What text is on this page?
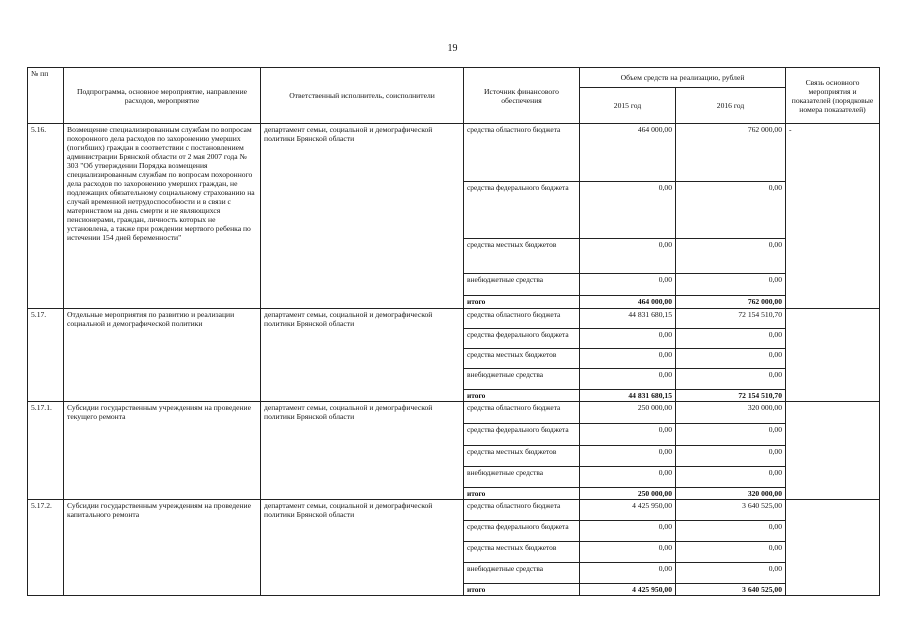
19
№ пп	Подпрограмма, основное мероприятие, направление расходов, мероприятие	Ответственный исполнитель, соисполнители	Источник финансового обеспечения	Объем средств на реализацию, рублей		Связь основного мероприятия и показателей (порядковые номера показателей)
				2015 год	2016 год	
5.16.	Возмещение специализированным службам по вопросам похоронного дела расходов по захоронению умерших (погибших) граждан в соответствии с постановлением администрации Брянской области от 2 мая 2007 года № 303 "Об утверждении Порядка возмещения специализированным службам по вопросам похоронного дела расходов по захоронению умерших граждан, не подлежащих обязательному социальному страхованию на случай временной нетрудоспособности и в связи с материнством на день смерти и не являющихся пенсионерами, граждан, личность которых не установлена, а также при рождении мертвого ребенка по истечении 154 дней беременности"	департамент семьи, социальной и демографической политики Брянской области	средства областного бюджета	464 000,00	762 000,00	-
			средства федерального бюджета	0,00	0,00	
			средства местных бюджетов	0,00	0,00	
			внебюджетные средства	0,00	0,00	
			итого	464 000,00	762 000,00	
5.17.	Отдельные мероприятия по развитию и реализации социальной и демографической политики	департамент семьи, социальной и демографической политики Брянской области	средства областного бюджета	44 831 680,15	72 154 510,70	
			средства федерального бюджета	0,00	0,00	
			средства местных бюджетов	0,00	0,00	
			внебюджетные средства	0,00	0,00	
			итого	44 831 680,15	72 154 510,70	
5.17.1.	Субсидии государственным учреждениям на проведение текущего ремонта	департамент семьи, социальной и демографической политики Брянской области	средства областного бюджета	250 000,00	320 000,00	
			средства федерального бюджета	0,00	0,00	
			средства местных бюджетов	0,00	0,00	
			внебюджетные средства	0,00	0,00	
			итого	250 000,00	320 000,00	
5.17.2.	Субсидии государственным учреждениям на проведение капитального ремонта	департамент семьи, социальной и демографической политики Брянской области	средства областного бюджета	4 425 950,00	3 640 525,00	
			средства федерального бюджета	0,00	0,00	
			средства местных бюджетов	0,00	0,00	
			внебюджетные средства	0,00	0,00	
			итого	4 425 950,00	3 640 525,00	
